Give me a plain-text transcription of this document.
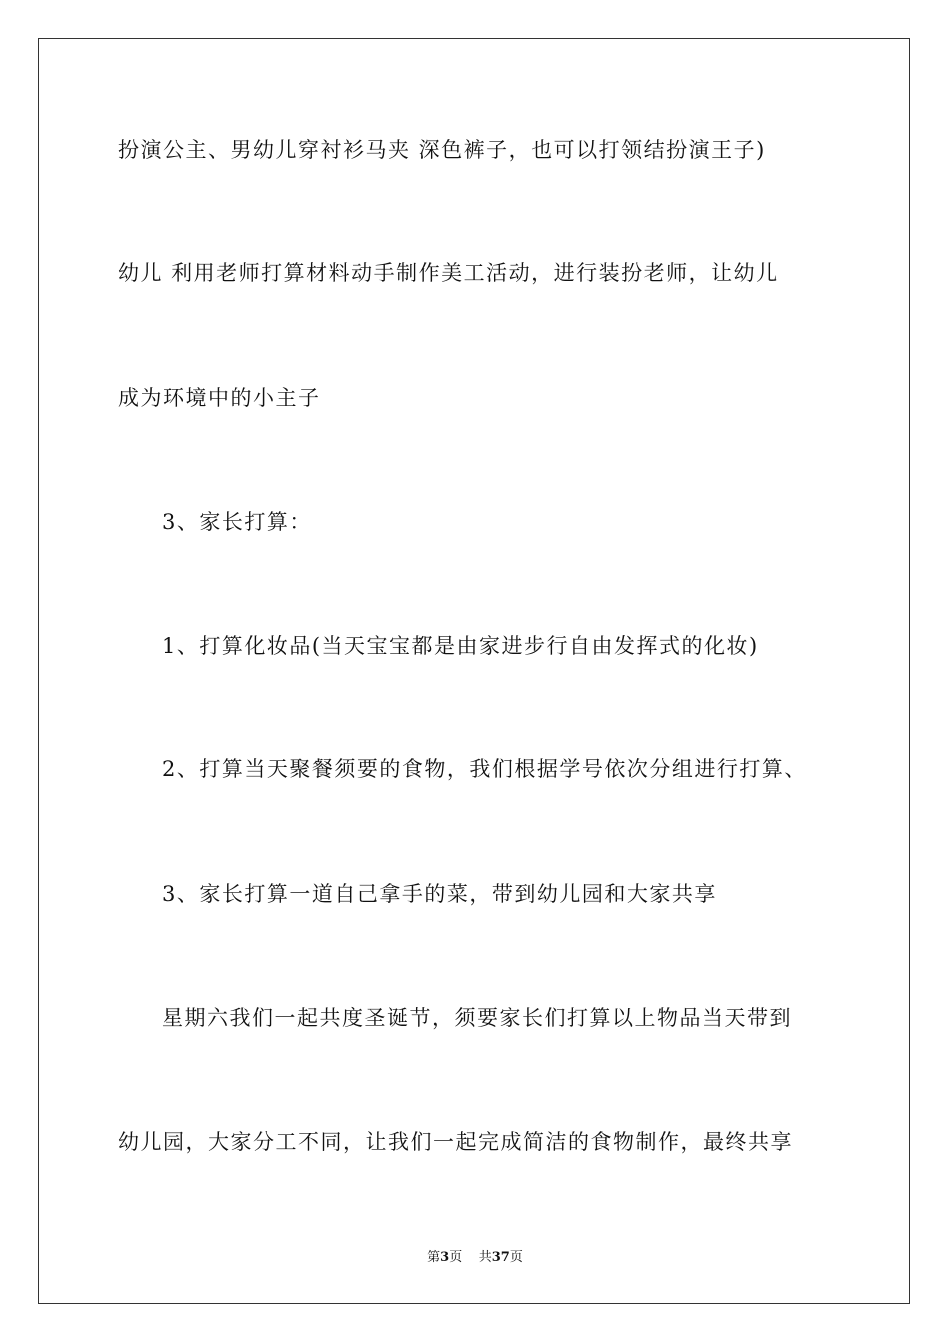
扮演公主、男幼儿穿衬衫马夹 深色裤子，也可以打领结扮演王子)
幼儿 利用老师打算材料动手制作美工活动，进行装扮老师，让幼儿
成为环境中的小主子
3、家长打算：
1、打算化妆品(当天宝宝都是由家进步行自由发挥式的化妆)
2、打算当天聚餐须要的食物，我们根据学号依次分组进行打算、
3、家长打算一道自己拿手的菜，带到幼儿园和大家共享
星期六我们一起共度圣诞节，须要家长们打算以上物品当天带到
幼儿园，大家分工不同，让我们一起完成简洁的食物制作，最终共享
第3页 共37页
